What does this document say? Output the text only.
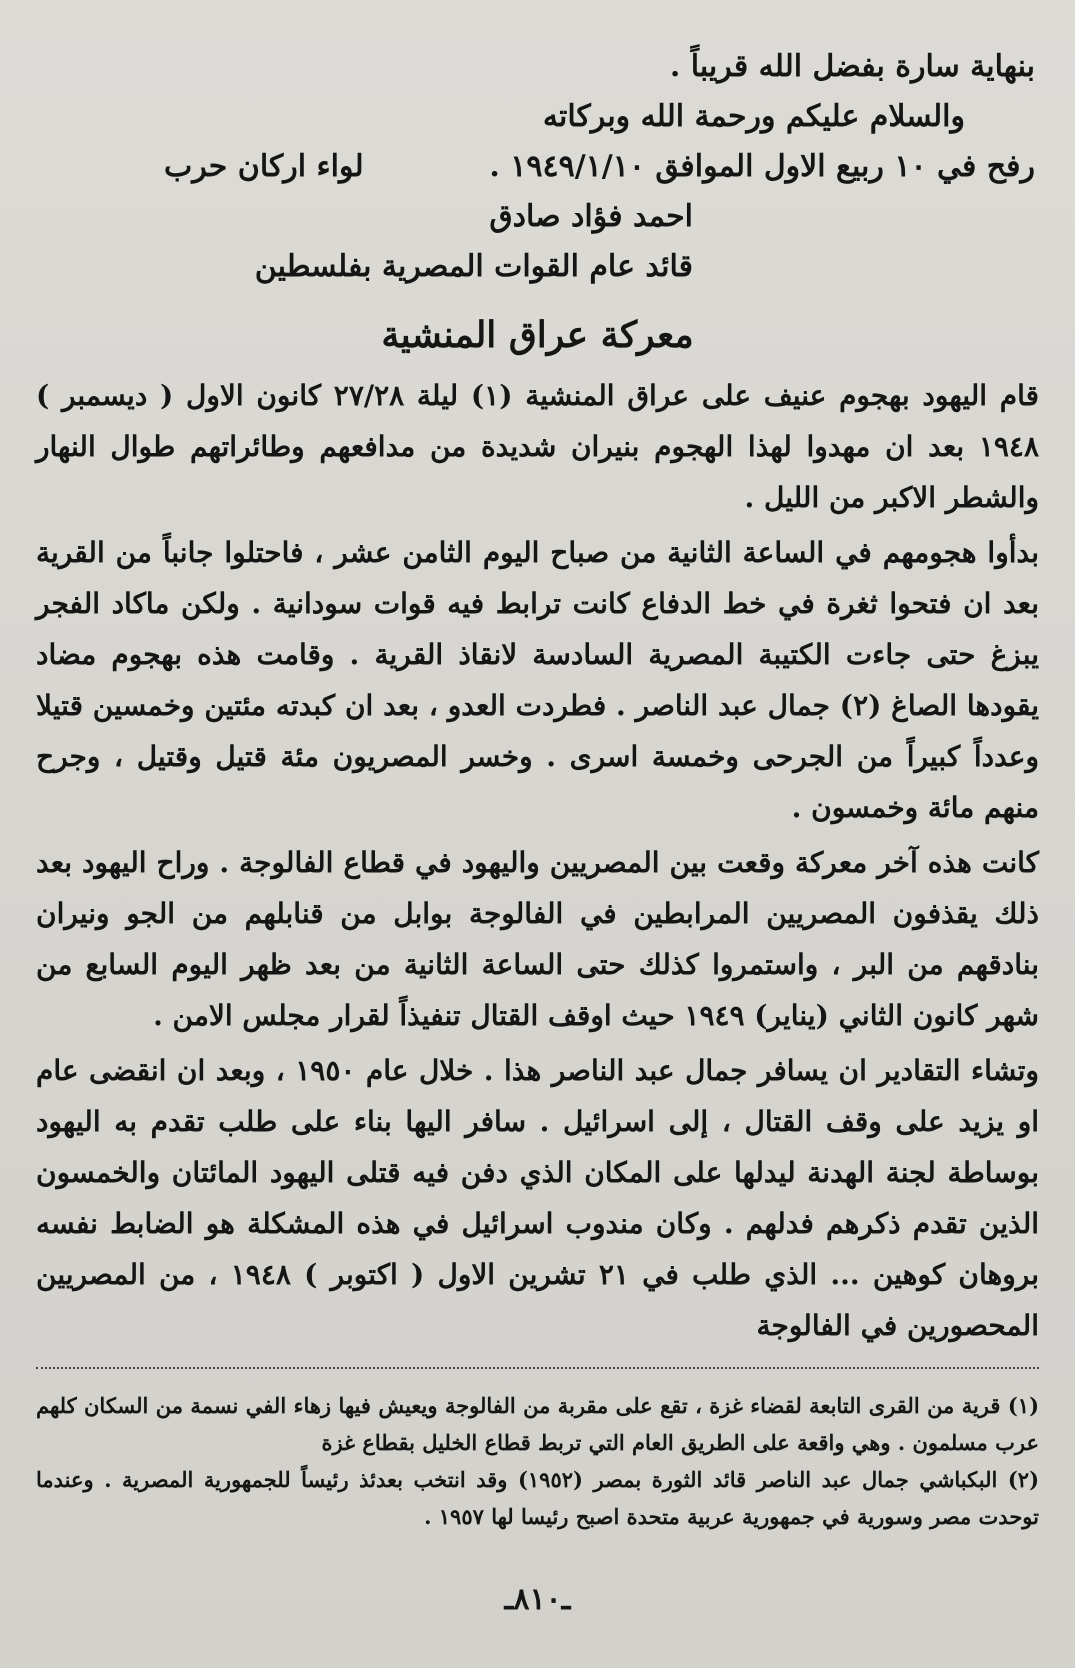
بنهاية سارة بفضل الله قريباً .

والسلام عليكم ورحمة الله وبركاته

رفح في ١٠ ربيع الاول الموافق ١٩٤٩/١/١٠ .
لواء اركان حرب

احمد فؤاد صادق

قائد عام القوات المصرية بفلسطين

معركة عراق المنشية

قام اليهود بهجوم عنيف على عراق المنشية (١) ليلة ٢٧/٢٨ كانون الاول ( ديسمبر ) ١٩٤٨ بعد ان مهدوا لهذا الهجوم بنيران شديدة من مدافعهم وطائراتهم طوال النهار والشطر الاكبر من الليل .

بدأوا هجومهم في الساعة الثانية من صباح اليوم الثامن عشر ، فاحتلوا جانباً من القرية بعد ان فتحوا ثغرة في خط الدفاع كانت ترابط فيه قوات سودانية . ولكن ماكاد الفجر يبزغ حتى جاءت الكتيبة المصرية السادسة لانقاذ القرية . وقامت هذه بهجوم مضاد يقودها الصاغ (٢) جمال عبد الناصر . فطردت العدو ، بعد ان كبدته مئتين وخمسين قتيلا وعدداً كبيراً من الجرحى وخمسة اسرى . وخسر المصريون مئة قتيل وقتيل ، وجرح منهم مائة وخمسون .

كانت هذه آخر معركة وقعت بين المصريين واليهود في قطاع الفالوجة . وراح اليهود بعد ذلك يقذفون المصريين المرابطين في الفالوجة بوابل من قنابلهم من الجو ونيران بنادقهم من البر ، واستمروا كذلك حتى الساعة الثانية من بعد ظهر اليوم السابع من شهر كانون الثاني (يناير) ١٩٤٩ حيث اوقف القتال تنفيذاً لقرار مجلس الامن .

وتشاء التقادير ان يسافر جمال عبد الناصر هذا . خلال عام ١٩٥٠ ، وبعد ان انقضى عام او يزيد على وقف القتال ، إلى اسرائيل . سافر اليها بناء على طلب تقدم به اليهود بوساطة لجنة الهدنة ليدلها على المكان الذي دفن فيه قتلى اليهود المائتان والخمسون الذين تقدم ذكرهم فدلهم . وكان مندوب اسرائيل في هذه المشكلة هو الضابط نفسه بروهان كوهين ... الذي طلب في ٢١ تشرين الاول ( اكتوبر ) ١٩٤٨ ، من المصريين المحصورين في الفالوجة

(١) قرية من القرى التابعة لقضاء غزة ، تقع على مقربة من الفالوجة ويعيش فيها زهاء الفي نسمة من السكان كلهم عرب مسلمون . وهي واقعة على الطريق العام التي تربط قطاع الخليل بقطاع غزة

(٢) البكباشي جمال عبد الناصر قائد الثورة بمصر (١٩٥٢) وقد انتخب بعدئذ رئيساً للجمهورية المصرية . وعندما توحدت مصر وسورية في جمهورية عربية متحدة اصبح رئيسا لها ١٩٥٧ .

ـ٨١٠ـ
